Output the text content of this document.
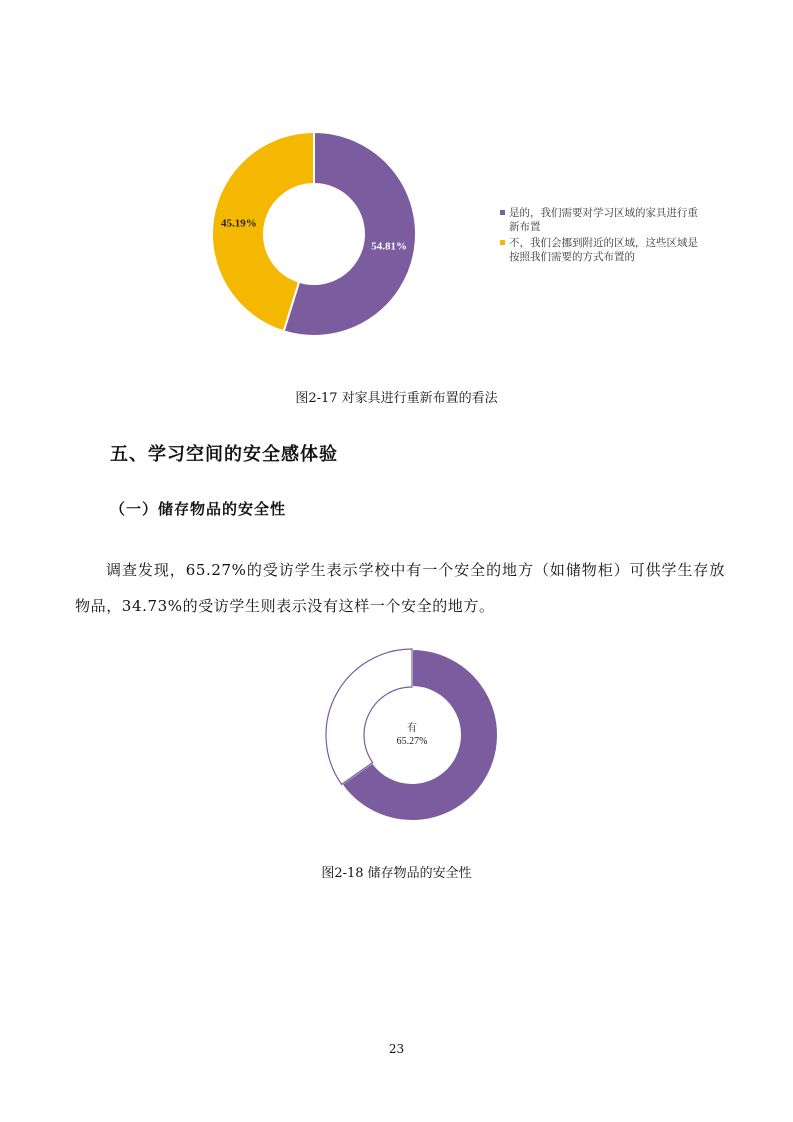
54.81%
45.19%
是的，我们需要对学习区域的家具进行重新布置
不，我们会挪到附近的区域，这些区域是按照我们需要的方式布置的
图2-17 对家具进行重新布置的看法
五、学习空间的安全感体验
（一）储存物品的安全性
调查发现，65.27%的受访学生表示学校中有一个安全的地方（如储物柜）可供学生存放物品，34.73%的受访学生则表示没有这样一个安全的地方。
有
65.27%
图2-18 储存物品的安全性
23
